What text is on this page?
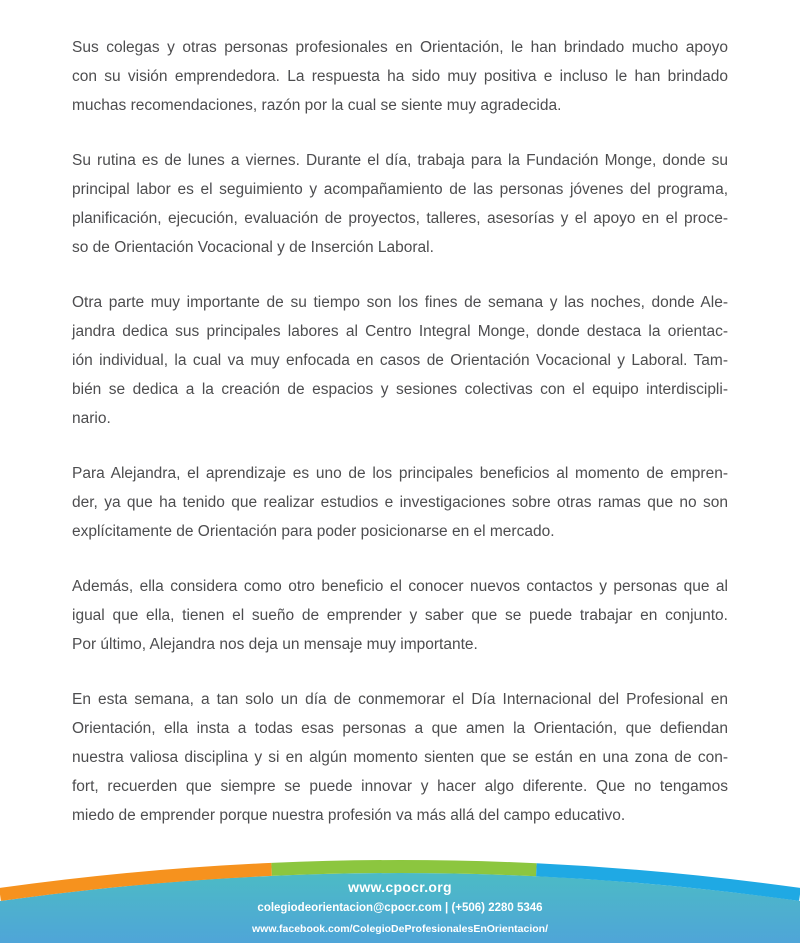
Sus colegas y otras personas profesionales en Orientación, le han brindado mucho apoyo
con su visión emprendedora. La respuesta ha sido muy positiva e incluso le han brindado
muchas recomendaciones, razón por la cual se siente muy agradecida.
Su rutina es de lunes a viernes. Durante el día, trabaja para la Fundación Monge, donde su
principal labor es el seguimiento y acompañamiento de las personas jóvenes del programa,
planificación, ejecución, evaluación de proyectos, talleres, asesorías y el apoyo en el proce-
so de Orientación Vocacional y de Inserción Laboral.
Otra parte muy importante de su tiempo son los fines de semana y las noches, donde Ale-
jandra dedica sus principales labores al Centro Integral Monge, donde destaca la orientac-
ión individual, la cual va muy enfocada en casos de Orientación Vocacional y Laboral. Tam-
bién se dedica a la creación de espacios y sesiones colectivas con el equipo interdiscipli-
nario.
Para Alejandra, el aprendizaje es uno de los principales beneficios al momento de empren-
der, ya que ha tenido que realizar estudios e investigaciones sobre otras ramas que no son
explícitamente de Orientación para poder posicionarse en el mercado.
Además, ella considera como otro beneficio el conocer nuevos contactos y personas que al
igual que ella, tienen el sueño de emprender y saber que se puede trabajar en conjunto.
Por último, Alejandra nos deja un mensaje muy importante.
En esta semana, a tan solo un día de conmemorar el Día Internacional del Profesional en
Orientación, ella insta a todas esas personas a que amen la Orientación, que defiendan
nuestra valiosa disciplina y si en algún momento sienten que se están en una zona de con-
fort, recuerden que siempre se puede innovar y hacer algo diferente. Que no tengamos
miedo de emprender porque nuestra profesión va más allá del campo educativo.
www.cpocr.org
colegiodeorientacion@cpocr.com | (+506) 2280 5346
www.facebook.com/ColegioDeProfesionalesEnOrientacion/
